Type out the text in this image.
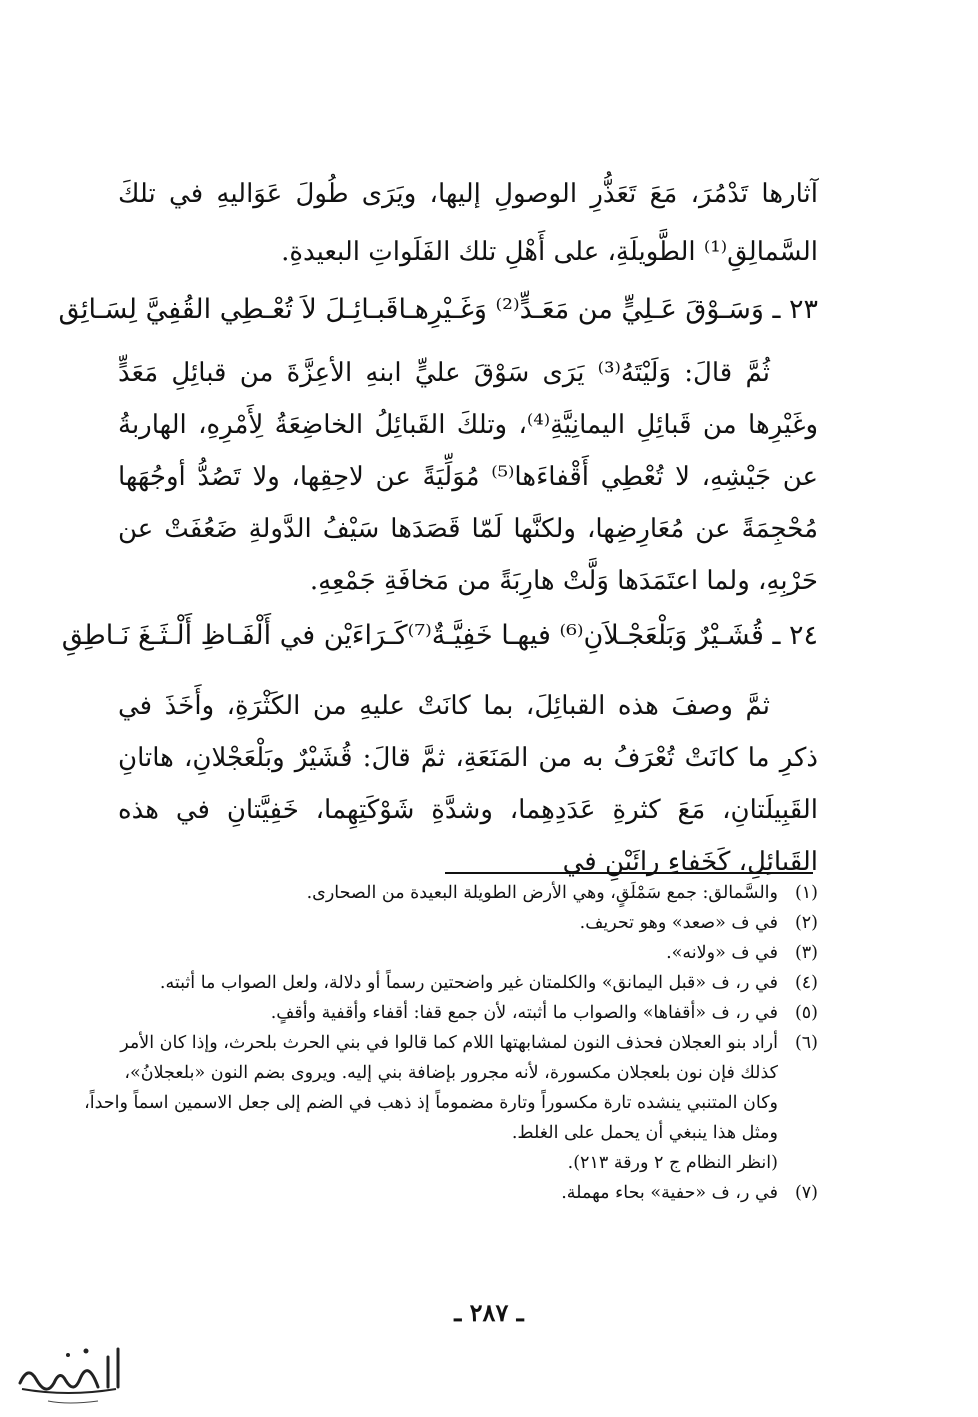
آثارها تَدْمُرَ، مَعَ تَعَذُّرِ الوصولِ إليها، ويَرَى طُولَ عَوَاليهِ في تلكَ السَّمالِقِ⁽¹⁾ الطَّويلَةِ، على أَهْلِ تلك الفَلَواتِ البعيدةِ.
٢٣ ـ وَسَـوْقَ عَـلِيٍّ من مَعَـدٍّ⁽²⁾ وَغَـيْرِهـا
قَبـائِـلَ لاَ تُعْـطِي القُفِيَّ لِسَـائِق
ثُمَّ قالَ: وَلَيْتَهُ⁽³⁾ يَرَى سَوْقَ عليٍّ ابنهِ الأعِزَّةَ من قبائِلِ مَعَدٍّ وغَيْرِها من قَبائِلِ اليمانِيَّةِ⁽⁴⁾، وتلكَ القَبائِلُ الخاضِعَةُ لِأَمْرِهِ، الهاربةُ عن جَيْشِهِ، لا تُعْطِي أَقْفاءَها⁽⁵⁾ مُوَلِّيَةً عن لاحِقِها، ولا تَصُدُّ أوجُهَها مُحْجِمَةً عن مُعَارِضِها، ولكنَّها لَمّا قَصَدَها سَيْفُ الدَّولةِ ضَعُفَتْ عن حَرْبِهِ، ولما اعتَمَدَها وَلَّتْ هارِبَةً من مَخافَةِ جَمْعِهِ.
٢٤ ـ قُشَـيْرٌ وَبَلْعَجْـلاَنِ⁽⁶⁾ فيهـا خَفِيَّـةٌ⁽⁷⁾
كَـرَاءَيْن في أَلْفَـاظِ أَلْـثَـغَ نَـاطِقِ
ثمَّ وصفَ هذه القبائِلَ، بما كانَتْ عليهِ من الكَثْرَةِ، وأَخَذَ في ذكرِ ما كانَتْ تُعْرَفُ به من المَنَعَةِ، ثمَّ قالَ: قُشَيْرٌ وبَلْعَجْلانِ، هاتانِ القَبِيلَتانِ، مَعَ كثرةِ عَدَدِهِما، وشدَّةِ شَوْكَتِهِما، خَفِيَّتانِ في هذه القَبائِلِ، كَخَفاءِ رائَيْنِ في
(١)
والسَّمالق: جمع سَمْلَقٍ، وهي الأرض الطويلة البعيدة من الصحارى.
(٢)
في ف «صعد» وهو تحريف.
(٣)
في ف «ولانه».
(٤)
في ر، ف «قبل اليمانق» والكلمتان غير واضحتين رسماً أو دلالة، ولعل الصواب ما أثبته.
(٥)
في ر، ف «أقفاها» والصواب ما أثبته، لأن جمع قفا: أقفاء وأقفية وأقفٍ.
(٦)
أراد بنو العجلان فحذف النون لمشابهتها اللام كما قالوا في بني الحرث بلحرث، وإذا كان الأمر
كذلك فإن نون بلعجلان مكسورة، لأنه مجرور بإضافة بني إليه. ويروى بضم النون «بلعجلانُ»،
وكان المتنبي ينشده تارة مكسوراً وتارة مضموماً إذ ذهب في الضم إلى جعل الاسمين اسماً واحداً،
ومثل هذا ينبغي أن يحمل على الغلط.
(انظر النظام ج ٢ ورقة ٢١٣).
(٧)
في ر، ف «حفية» بحاء مهملة.
ـ ٢٨٧ ـ
